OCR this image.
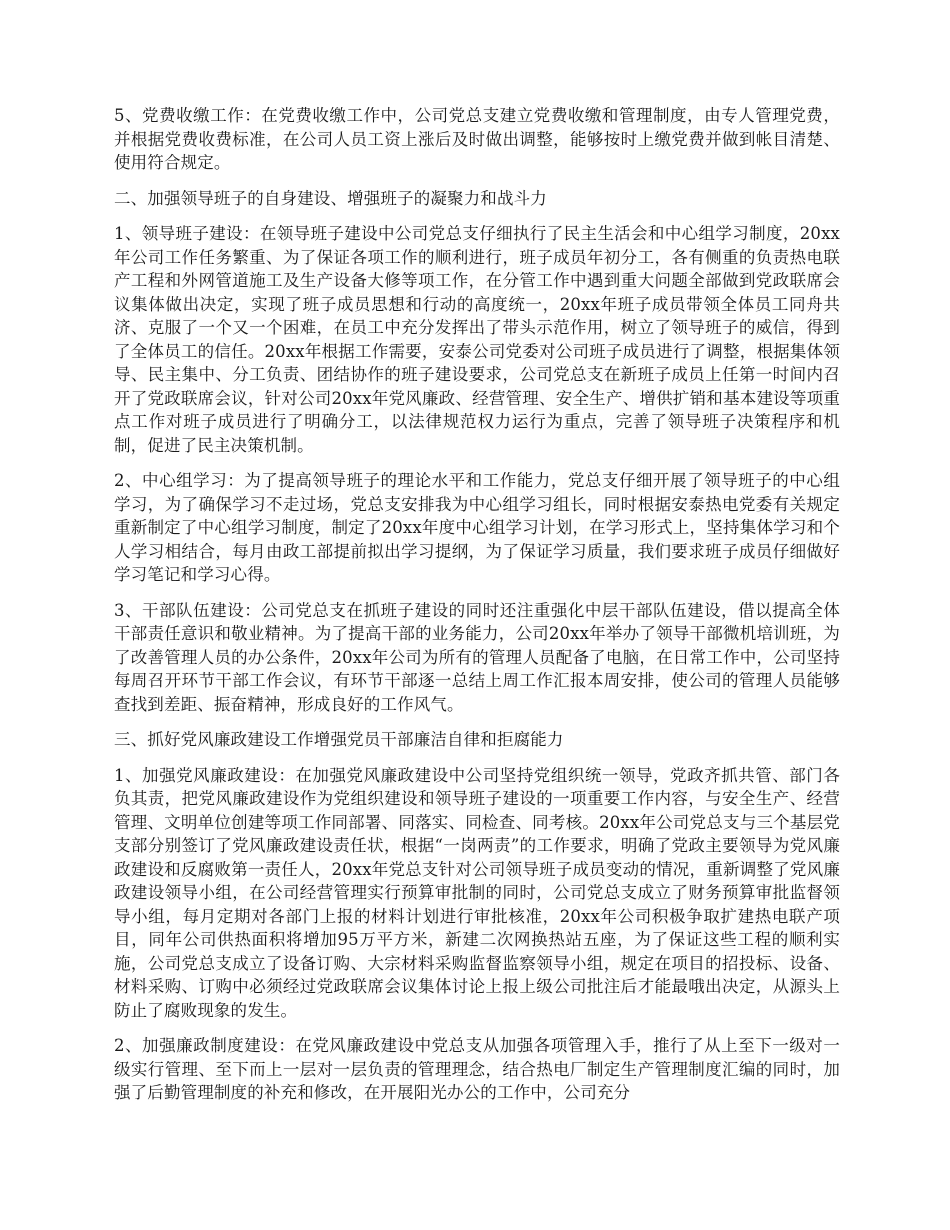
5、党费收缴工作：在党费收缴工作中，公司党总支建立党费收缴和管理制度，由专人管理党费，并根据党费收费标准，在公司人员工资上涨后及时做出调整，能够按时上缴党费并做到帐目清楚、使用符合规定。

二、加强领导班子的自身建设、增强班子的凝聚力和战斗力

1、领导班子建设：在领导班子建设中公司党总支仔细执行了民主生活会和中心组学习制度，20xx年公司工作任务繁重、为了保证各项工作的顺利进行，班子成员年初分工，各有侧重的负责热电联产工程和外网管道施工及生产设备大修等项工作，在分管工作中遇到重大问题全部做到党政联席会议集体做出决定，实现了班子成员思想和行动的高度统一，20xx年班子成员带领全体员工同舟共济、克服了一个又一个困难，在员工中充分发挥出了带头示范作用，树立了领导班子的威信，得到了全体员工的信任。20xx年根据工作需要，安泰公司党委对公司班子成员进行了调整，根据集体领导、民主集中、分工负责、团结协作的班子建设要求，公司党总支在新班子成员上任第一时间内召开了党政联席会议，针对公司20xx年党风廉政、经营管理、安全生产、增供扩销和基本建设等项重点工作对班子成员进行了明确分工，以法律规范权力运行为重点，完善了领导班子决策程序和机制，促进了民主决策机制。

2、中心组学习：为了提高领导班子的理论水平和工作能力，党总支仔细开展了领导班子的中心组学习，为了确保学习不走过场，党总支安排我为中心组学习组长，同时根据安泰热电党委有关规定重新制定了中心组学习制度，制定了20xx年度中心组学习计划，在学习形式上，坚持集体学习和个人学习相结合，每月由政工部提前拟出学习提纲，为了保证学习质量，我们要求班子成员仔细做好学习笔记和学习心得。

3、干部队伍建设：公司党总支在抓班子建设的同时还注重强化中层干部队伍建设，借以提高全体干部责任意识和敬业精神。为了提高干部的业务能力，公司20xx年举办了领导干部微机培训班，为了改善管理人员的办公条件，20xx年公司为所有的管理人员配备了电脑，在日常工作中，公司坚持每周召开环节干部工作会议，有环节干部逐一总结上周工作汇报本周安排，使公司的管理人员能够查找到差距、振奋精神，形成良好的工作风气。

三、抓好党风廉政建设工作增强党员干部廉洁自律和拒腐能力

1、加强党风廉政建设：在加强党风廉政建设中公司坚持党组织统一领导，党政齐抓共管、部门各负其责，把党风廉政建设作为党组织建设和领导班子建设的一项重要工作内容，与安全生产、经营管理、文明单位创建等项工作同部署、同落实、同检查、同考核。20xx年公司党总支与三个基层党支部分别签订了党风廉政建设责任状，根据“一岗两责”的工作要求，明确了党政主要领导为党风廉政建设和反腐败第一责任人，20xx年党总支针对公司领导班子成员变动的情况，重新调整了党风廉政建设领导小组，在公司经营管理实行预算审批制的同时，公司党总支成立了财务预算审批监督领导小组，每月定期对各部门上报的材料计划进行审批核准，20xx年公司积极争取扩建热电联产项目，同年公司供热面积将增加95万平方米，新建二次网换热站五座，为了保证这些工程的顺利实施，公司党总支成立了设备订购、大宗材料采购监督监察领导小组，规定在项目的招投标、设备、材料采购、订购中必须经过党政联席会议集体讨论上报上级公司批注后才能最哦出决定，从源头上防止了腐败现象的发生。

2、加强廉政制度建设：在党风廉政建设中党总支从加强各项管理入手，推行了从上至下一级对一级实行管理、至下而上一层对一层负责的管理理念，结合热电厂制定生产管理制度汇编的同时，加强了后勤管理制度的补充和修改，在开展阳光办公的工作中，公司充分
